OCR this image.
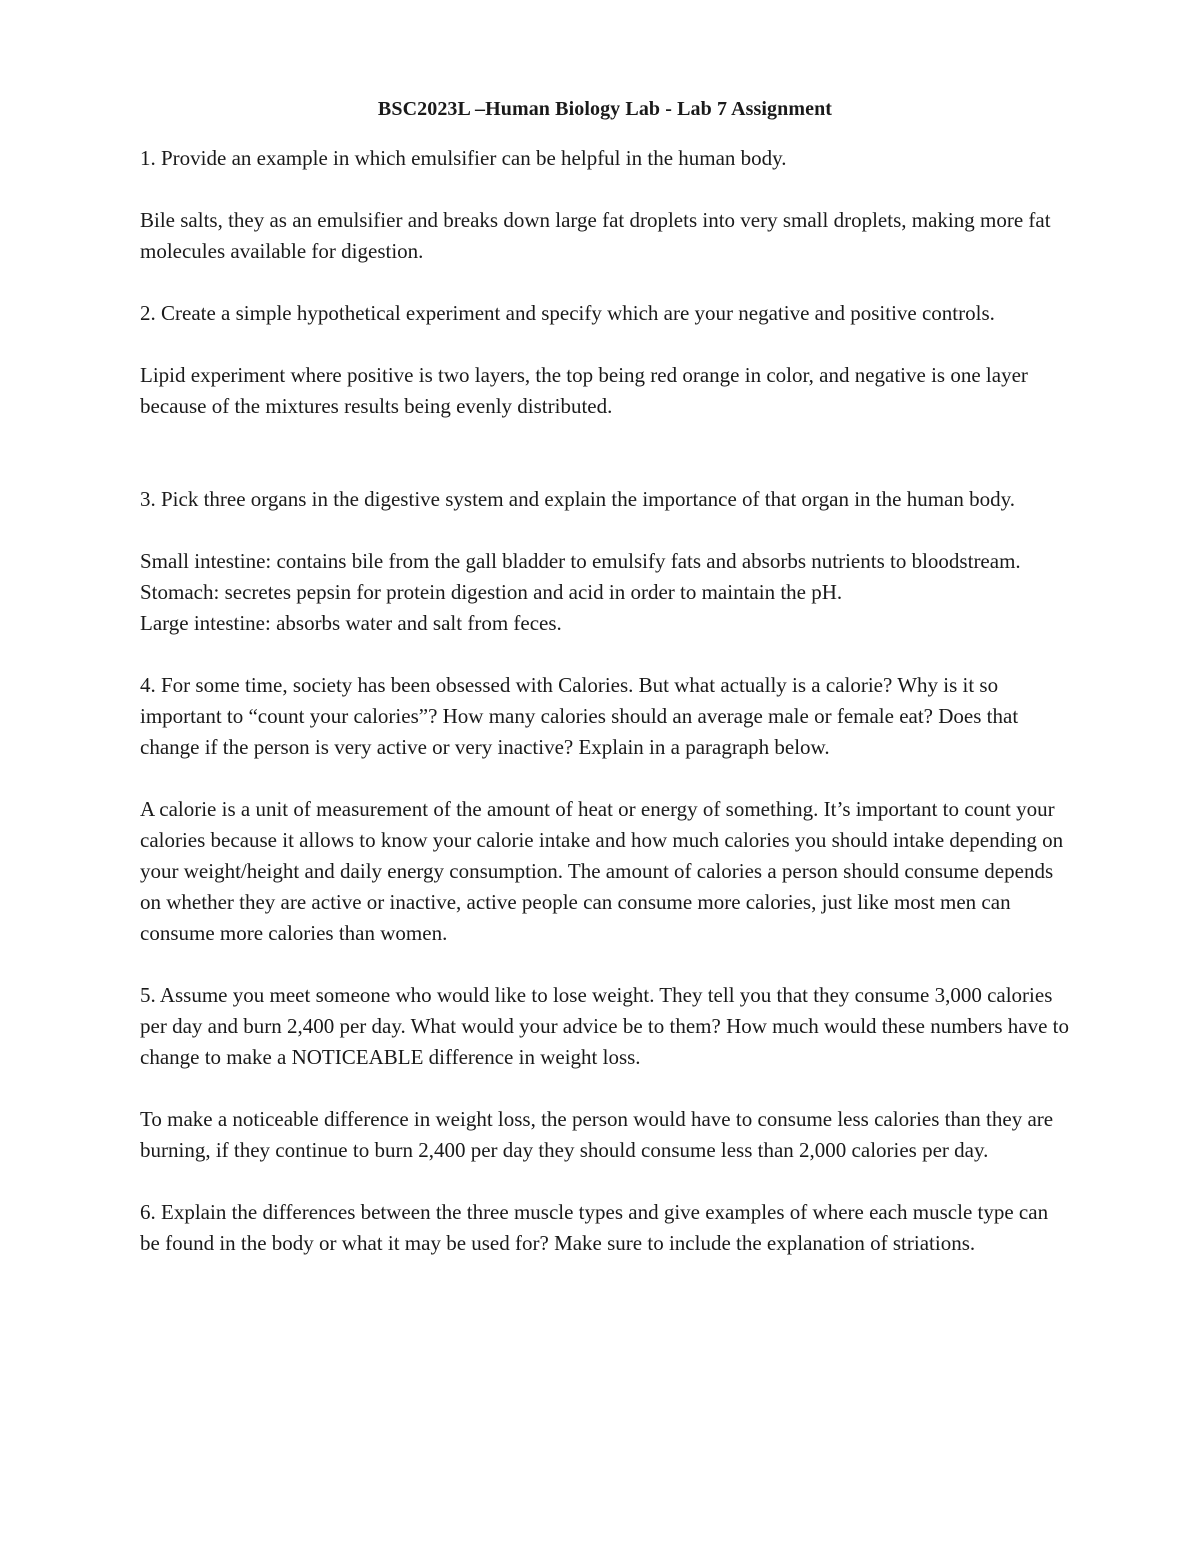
BSC2023L –Human Biology Lab - Lab 7 Assignment
1. Provide an example in which emulsifier can be helpful in the human body.
Bile salts, they as an emulsifier and breaks down large fat droplets into very small droplets, making more fat molecules available for digestion.
2. Create a simple hypothetical experiment and specify which are your negative and positive controls.
Lipid experiment where positive is two layers, the top being red orange in color, and negative is one layer because of the mixtures results being evenly distributed.
3. Pick three organs in the digestive system and explain the importance of that organ in the human body.
Small intestine: contains bile from the gall bladder to emulsify fats and absorbs nutrients to bloodstream.
Stomach: secretes pepsin for protein digestion and acid in order to maintain the pH.
Large intestine: absorbs water and salt from feces.
4. For some time, society has been obsessed with Calories. But what actually is a calorie? Why is it so important to “count your calories”? How many calories should an average male or female eat? Does that change if the person is very active or very inactive? Explain in a paragraph below.
A calorie is a unit of measurement of the amount of heat or energy of something. It’s important to count your calories because it allows to know your calorie intake and how much calories you should intake depending on your weight/height and daily energy consumption. The amount of calories a person should consume depends on whether they are active or inactive, active people can consume more calories, just like most men can consume more calories than women.
5. Assume you meet someone who would like to lose weight. They tell you that they consume 3,000 calories per day and burn 2,400 per day. What would your advice be to them? How much would these numbers have to change to make a NOTICEABLE difference in weight loss.
To make a noticeable difference in weight loss, the person would have to consume less calories than they are burning, if they continue to burn 2,400 per day they should consume less than 2,000 calories per day.
6. Explain the differences between the three muscle types and give examples of where each muscle type can be found in the body or what it may be used for? Make sure to include the explanation of striations.
